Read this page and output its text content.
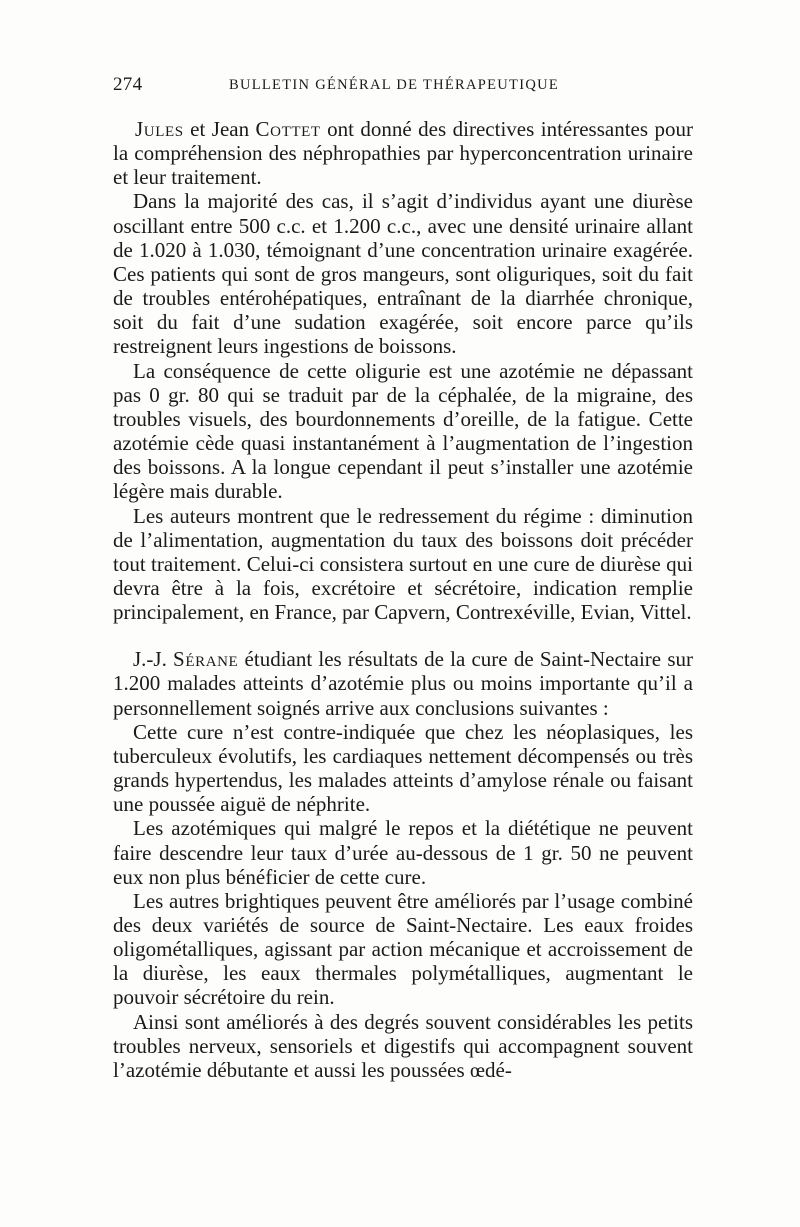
274	BULLETIN GÉNÉRAL DE THÉRAPEUTIQUE

Jules et Jean Cottet ont donné des directives intéressantes pour la compréhension des néphropathies par hyperconcentration urinaire et leur traitement.

Dans la majorité des cas, il s’agit d’individus ayant une diurèse oscillant entre 500 c.c. et 1.200 c.c., avec une densité urinaire allant de 1.020 à 1.030, témoignant d’une concentration urinaire exagérée. Ces patients qui sont de gros mangeurs, sont oliguriques, soit du fait de troubles entérohépatiques, entraînant de la diarrhée chronique, soit du fait d’une sudation exagérée, soit encore parce qu’ils restreignent leurs ingestions de boissons.

La conséquence de cette oligurie est une azotémie ne dépassant pas 0 gr. 80 qui se traduit par de la céphalée, de la migraine, des troubles visuels, des bourdonnements d’oreille, de la fatigue. Cette azotémie cède quasi instantanément à l’augmentation de l’ingestion des boissons. A la longue cependant il peut s’installer une azotémie légère mais durable.

Les auteurs montrent que le redressement du régime : diminution de l’alimentation, augmentation du taux des boissons doit précéder tout traitement. Celui-ci consistera surtout en une cure de diurèse qui devra être à la fois, excrétoire et sécrétoire, indication remplie principalement, en France, par Capvern, Contrexéville, Evian, Vittel.

J.-J. Sérane étudiant les résultats de la cure de Saint-Nectaire sur 1.200 malades atteints d’azotémie plus ou moins importante qu’il a personnellement soignés arrive aux conclusions suivantes :

Cette cure n’est contre-indiquée que chez les néoplasiques, les tuberculeux évolutifs, les cardiaques nettement décompensés ou très grands hypertendus, les malades atteints d’amylose rénale ou faisant une poussée aiguë de néphrite.

Les azotémiques qui malgré le repos et la diététique ne peuvent faire descendre leur taux d’urée au-dessous de 1 gr. 50 ne peuvent eux non plus bénéficier de cette cure.

Les autres brightiques peuvent être améliorés par l’usage combiné des deux variétés de source de Saint-Nectaire. Les eaux froides oligométalliques, agissant par action mécanique et accroissement de la diurèse, les eaux thermales polymétalliques, augmentant le pouvoir sécrétoire du rein.

Ainsi sont améliorés à des degrés souvent considérables les petits troubles nerveux, sensoriels et digestifs qui accompagnent souvent l’azotémie débutante et aussi les poussées œdé-
